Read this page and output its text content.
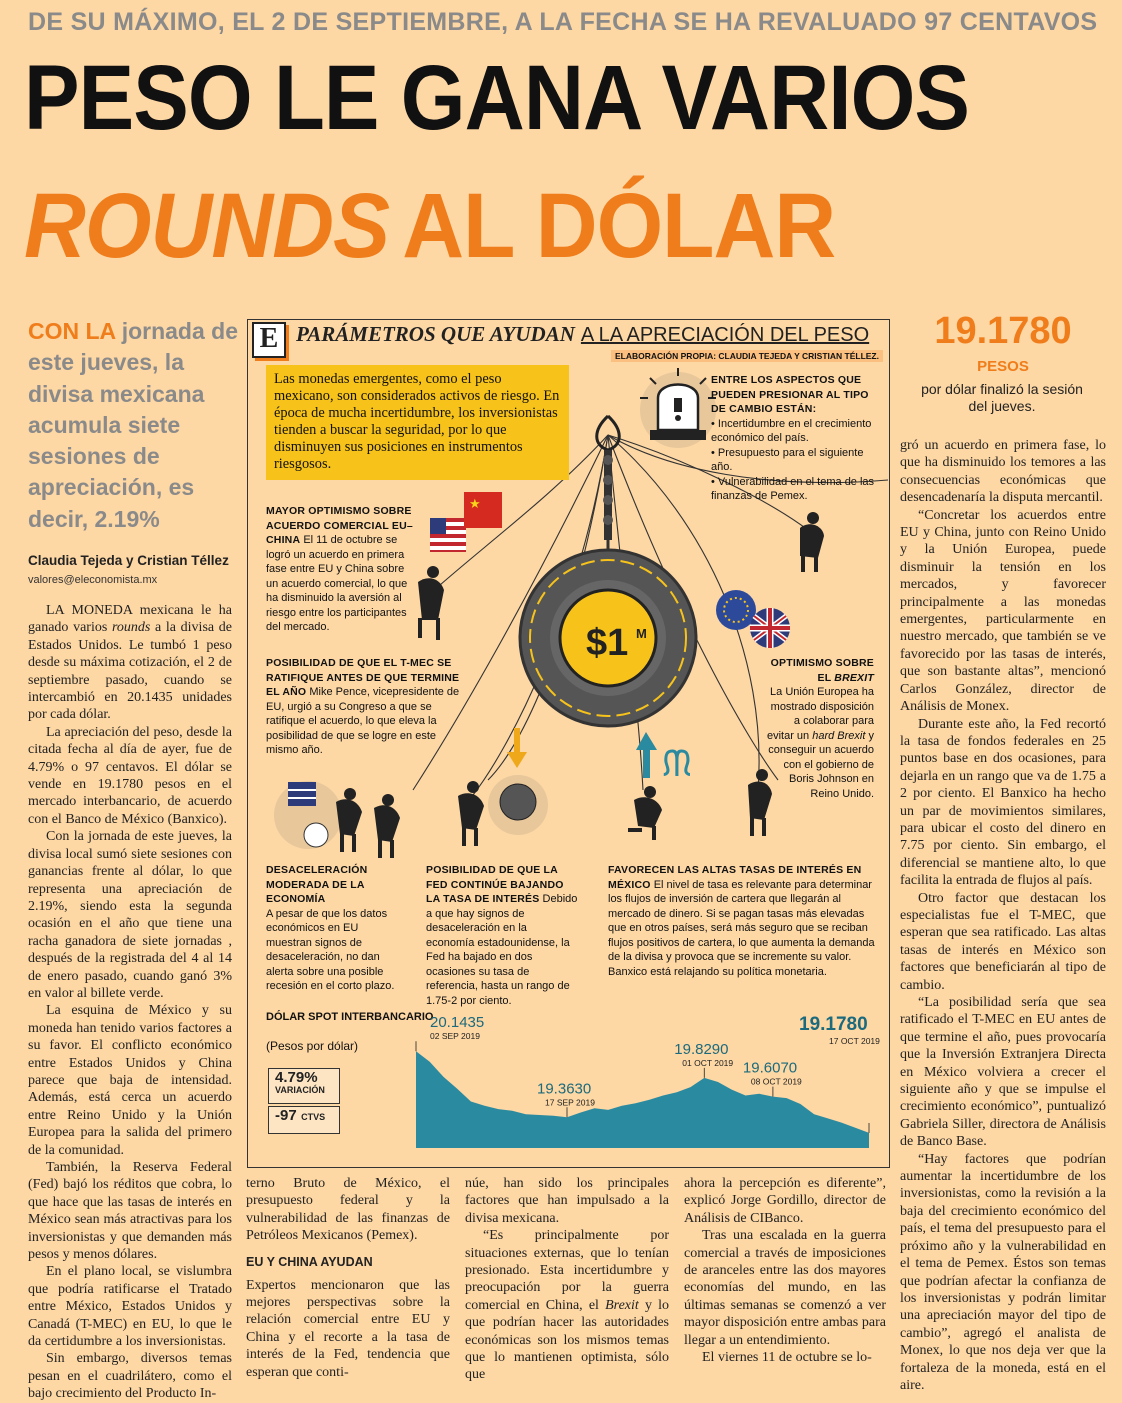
DE SU MÁXIMO, EL 2 DE SEPTIEMBRE, A LA FECHA SE HA REVALUADO 97 CENTAVOS
PESO LE GANA VARIOS
ROUNDS AL DÓLAR
CON LA jornada de este jueves, la divisa mexicana acumula siete sesiones de apreciación, es decir, 2.19%
Claudia Tejeda y Cristian Téllez
valores@eleconomista.mx

LA MONEDA mexicana le ha ganado varios rounds a la divisa de Estados Unidos. Le tumbó 1 peso desde su máxima cotización, el 2 de septiembre pasado, cuando se intercambió en 20.1435 unidades por cada dólar.

La apreciación del peso, desde la citada fecha al día de ayer, fue de 4.79% o 97 centavos. El dólar se vende en 19.1780 pesos en el mercado interbancario, de acuerdo con el Banco de México (Banxico).

Con la jornada de este jueves, la divisa local sumó siete sesiones con ganancias frente al dólar, lo que representa una apreciación de 2.19%, siendo esta la segunda ocasión en el año que tiene una racha ganadora de siete jornadas , después de la registrada del 4 al 14 de enero pasado, cuando ganó 3% en valor al billete verde.

La esquina de México y su moneda han tenido varios factores a su favor. El conflicto económico entre Estados Unidos y China parece que baja de intensidad. Además, está cerca un acuerdo entre Reino Unido y la Unión Europea para la salida del primero de la comunidad.

También, la Reserva Federal (Fed) bajó los réditos que cobra, lo que hace que las tasas de interés en México sean más atractivas para los inversionistas y que demanden más pesos y menos dólares.

En el plano local, se vislumbra que podría ratificarse el Tratado entre México, Estados Unidos y Canadá (T-MEC) en EU, lo que le da certidumbre a los inversionistas.

Sin embargo, diversos temas pesan en el cuadrilátero, como el bajo crecimiento del Producto In-

terno Bruto de México, el presupuesto federal y la vulnerabilidad de las finanzas de Petróleos Mexicanos (Pemex).

EU Y CHINA AYUDAN

Expertos mencionaron que las mejores perspectivas sobre la relación comercial entre EU y China y el recorte a la tasa de interés de la Fed, tendencia que esperan que conti-

núe, han sido los principales factores que han impulsado a la divisa mexicana.

“Es principalmente por situaciones externas, que lo tenían presionado. Esta incertidumbre y preocupación por la guerra comercial en China, el Brexit y lo que podrían hacer las autoridades económicas son los mismos temas que lo mantienen optimista, sólo que

ahora la percepción es diferente”, explicó Jorge Gordillo, director de Análisis de CIBanco.

Tras una escalada en la guerra comercial a través de imposiciones de aranceles entre las dos mayores economías del mundo, en las últimas semanas se comenzó a ver mayor disposición entre ambas para llegar a un entendimiento.

El viernes 11 de octubre se lo-

19.1780
PESOS
por dólar finalizó la sesión del jueves.

gró un acuerdo en primera fase, lo que ha disminuido los temores a las consecuencias económicas que desencadenaría la disputa mercantil.

“Concretar los acuerdos entre EU y China, junto con Reino Unido y la Unión Europea, puede disminuir la tensión en los mercados, y favorecer principalmente a las monedas emergentes, particularmente en nuestro mercado, que también se ve favorecido por las tasas de interés, que son bastante altas”, mencionó Carlos González, director de Análisis de Monex.

Durante este año, la Fed recortó la tasa de fondos federales en 25 puntos base en dos ocasiones, para dejarla en un rango que va de 1.75 a 2 por ciento. El Banxico ha hecho un par de movimientos similares, para ubicar el costo del dinero en 7.75 por ciento. Sin embargo, el diferencial se mantiene alto, lo que facilita la entrada de flujos al país.

Otro factor que destacan los especialistas fue el T-MEC, que esperan que sea ratificado. Las altas tasas de interés en México son factores que beneficiarán al tipo de cambio.

“La posibilidad sería que sea ratificado el T-MEC en EU antes de que termine el año, pues provocaría que la Inversión Extranjera Directa en México volviera a crecer el siguiente año y que se impulse el crecimiento económico”, puntualizó Gabriela Siller, directora de Análisis de Banco Base.

“Hay factores que podrían aumentar la incertidumbre de los inversionistas, como la revisión a la baja del crecimiento económico del país, el tema del presupuesto para el próximo año y la vulnerabilidad en el tema de Pemex. Éstos son temas que podrían afectar la confianza de los inversionistas y podrán limitar una apreciación mayor del tipo de cambio”, agregó el analista de Monex, lo que nos deja ver que la fortaleza de la moneda, está en el aire.

E PARÁMETROS QUE AYUDAN A LA APRECIACIÓN DEL PESO
ELABORACIÓN PROPIA: CLAUDIA TEJEDA Y CRISTIAN TÉLLEZ.
$1 M
★
ᙏ
Las monedas emergentes, como el peso mexicano, son considerados activos de riesgo. En época de mucha incertidumbre, los inversionistas tienden a buscar la seguridad, por lo que disminuyen sus posiciones en instrumentos riesgosos.
ENTRE LOS ASPECTOS QUE PUEDEN PRESIONAR AL TIPO DE CAMBIO ESTÁN:
• Incertidumbre en el crecimiento económico del país.
• Presupuesto para el siguiente año.
• Vulnerabilidad en el tema de las finanzas de Pemex.
MAYOR OPTIMISMO SOBRE ACUERDO COMERCIAL EU–CHINA El 11 de octubre se logró un acuerdo en primera fase entre EU y China sobre un acuerdo comercial, lo que ha disminuido la aversión al riesgo entre los participantes del mercado.
POSIBILIDAD DE QUE EL T-MEC SE RATIFIQUE ANTES DE QUE TERMINE EL AÑO Mike Pence, vicepresidente de EU, urgió a su Congreso a que se ratifique el acuerdo, lo que eleva la posibilidad de que se logre en este mismo año.
OPTIMISMO SOBRE EL BREXIT
La Unión Europea ha mostrado disposición a colaborar para evitar un hard Brexit y conseguir un acuerdo con el gobierno de Boris Johnson en Reino Unido.
DESACELERACIÓN MODERADA DE LA ECONOMÍA
A pesar de que los datos económicos en EU muestran signos de desaceleración, no dan alerta sobre una posible recesión en el corto plazo.
POSIBILIDAD DE QUE LA FED CONTINÚE BAJANDO LA TASA DE INTERÉS Debido a que hay signos de desaceleración en la economía estadounidense, la Fed ha bajado en dos ocasiones su tasa de referencia, hasta un rango de 1.75-2 por ciento.
FAVORECEN LAS ALTAS TASAS DE INTERÉS EN MÉXICO El nivel de tasa es relevante para determinar los flujos de inversión de cartera que llegarán al mercado de dinero. Si se pagan tasas más elevadas que en otros países, será más seguro que se reciban flujos positivos de cartera, lo que aumenta la demanda de la divisa y provoca que se incremente su valor. Banxico está relajando su política monetaria.
DÓLAR SPOT INTERBANCARIO
(Pesos por dólar)
4.79%
VARIACIÓN
-97 CTVS
20.1435
02 SEP 2019
19.3630
17 SEP 2019
19.8290
01 OCT 2019 19.6070
08 OCT 2019
19.1780
17 OCT 2019
